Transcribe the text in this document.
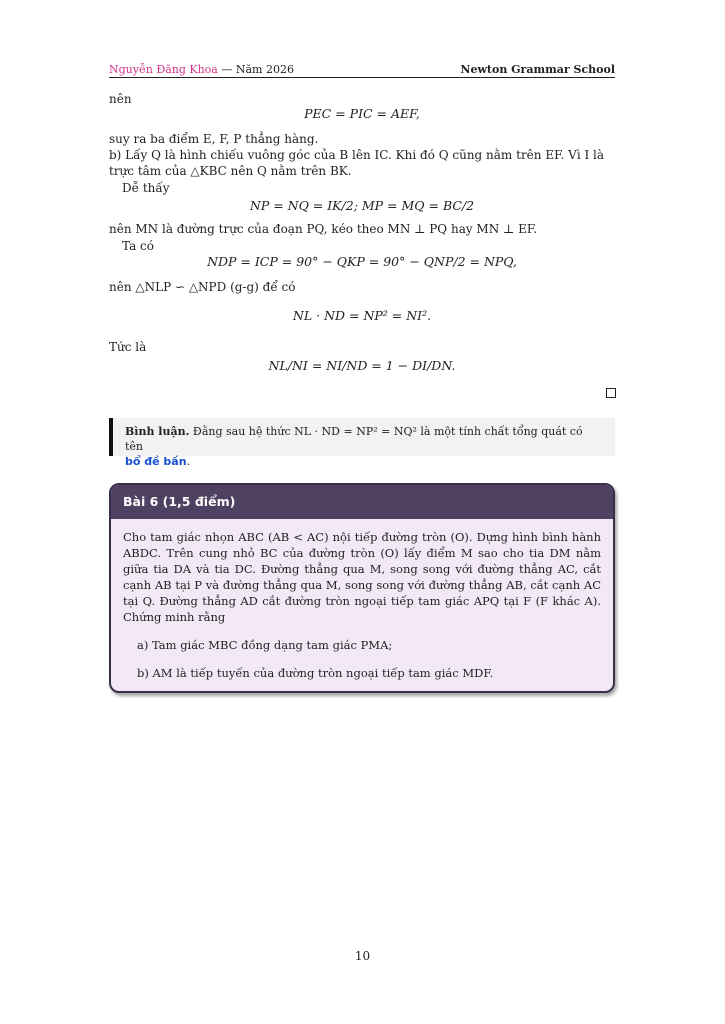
Nguyễn Đăng Khoa — Năm 2026	Newton Grammar School
nên
PEC = PIC = AEF,
suy ra ba điểm E, F, P thẳng hàng.
b) Lấy Q là hình chiếu vuông góc của B lên IC. Khi đó Q cũng nằm trên EF. Vì I là
trực tâm của △KBC nên Q nằm trên BK.
Dễ thấy
NP = NQ = IK/2; MP = MQ = BC/2
nên MN là đường trực của đoạn PQ, kéo theo MN ⊥ PQ hay MN ⊥ EF.
Ta có
NDP = ICP = 90° − QKP = 90° − QNP/2 = NPQ,
nên △NLP ∽ △NPD (g-g) để có
NL · ND = NP² = NI².
Tức là
NL/NI = NI/ND = 1 − DI/DN.
Bình luận. Đằng sau hệ thức NL · ND = NP² = NQ² là một tính chất tổng quát có tên
bổ đề bấn.
Bài 6 (1,5 điểm)
Cho tam giác nhọn ABC (AB < AC) nội tiếp đường tròn (O). Dựng hình bình hành ABDC. Trên cung nhỏ BC của đường tròn (O) lấy điểm M sao cho tia DM nằm giữa tia DA và tia DC. Đường thẳng qua M, song song với đường thẳng AC, cắt cạnh AB tại P và đường thẳng qua M, song song với đường thẳng AB, cắt cạnh AC tại Q. Đường thẳng AD cắt đường tròn ngoại tiếp tam giác APQ tại F (F khác A). Chứng minh rằng
a) Tam giác MBC đồng dạng tam giác PMA;
b) AM là tiếp tuyến của đường tròn ngoại tiếp tam giác MDF.
10
